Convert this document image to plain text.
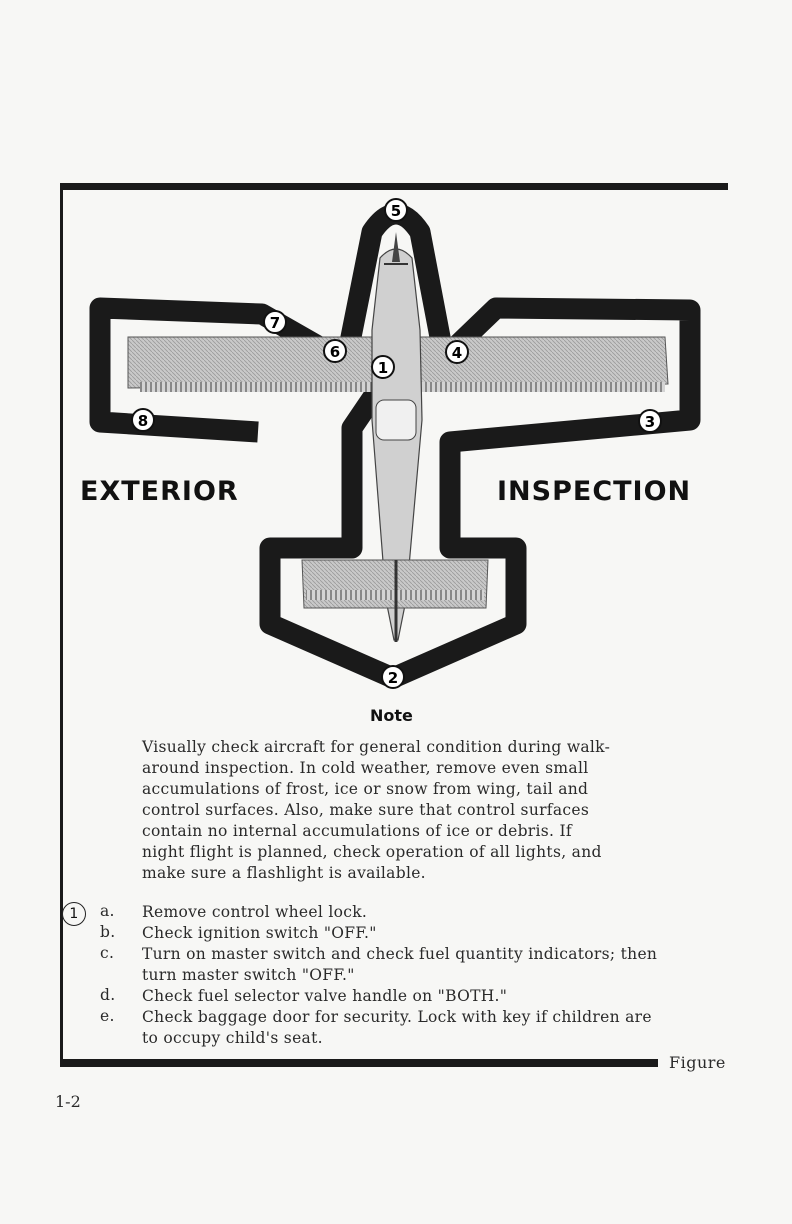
5
7
6	4
1
8	3
2
EXTERIOR	INSPECTION
Note
Visually check aircraft for general condition during walk-
around inspection. In cold weather, remove even small
accumulations of frost, ice or snow from wing, tail and
control surfaces. Also, make sure that control surfaces
contain no internal accumulations of ice or debris. If
night flight is planned, check operation of all lights, and
make sure a flashlight is available.
1	a.	Remove control wheel lock.
b.	Check ignition switch "OFF."
c.	Turn on master switch and check fuel quantity indicators; then
turn master switch "OFF."
d.	Check fuel selector valve handle on "BOTH."
e.	Check baggage door for security. Lock with key if children are
to occupy child's seat.
Figure
1-2
